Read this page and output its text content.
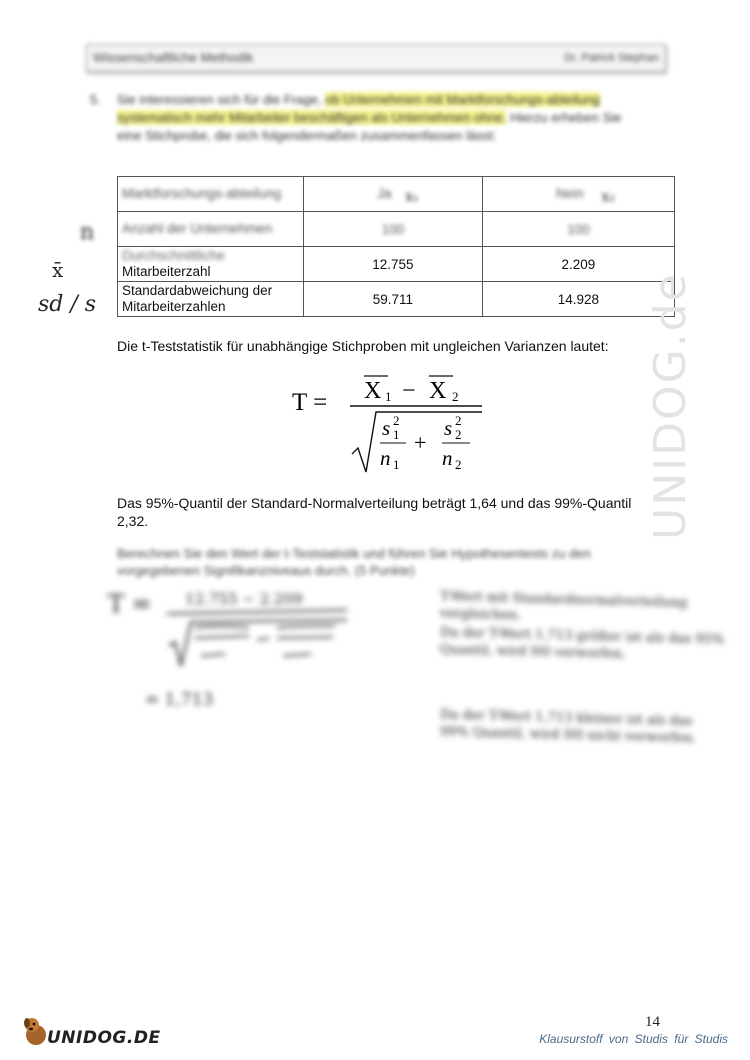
Wissenschaftliche Methodik	Dr. Patrick Stephan
5. Sie interessieren sich für die Frage, ob Unternehmen mit Marktforschungs-abteilung systematisch mehr Mitarbeiter beschäftigen als Unternehmen ohne. Hierzu erheben Sie eine Stichprobe, die sich folgendermaßen zusammenfassen lässt:
Marktforschungs-abteilung	Ja x₁	Nein x₂
Anzahl der Unternehmen	100	100

Durchschnittliche
Mitarbeiterzahl	12.755	2.209
Standardabweichung der Mitarbeiterzahlen	59.711	14.928
n
x̄
sd / s
Die t-Teststatistik für unabhängige Stichproben mit ungleichen Varianzen lautet:
T = X 1 − X 2
s 2
1
n 1
+
s 2
2
n 2
Das 95%-Quantil der Standard-Normalverteilung beträgt 1,64 und das 99%-Quantil 2,32.
Berechnen Sie den Wert der t-Teststatistik und führen Sie Hypothesentests zu den vorgegebenen Signifikanzniveaus durch. (5 Punkte)
T = 12.755 − 2.209
= 1,713
T-Wert mit Standardnormalverteilung vergleichen.
Da der T-Wert 1,713 größer ist als das 95% Quantil, wird H0 verworfen.
Da der T-Wert 1,713 kleiner ist als das 99% Quantil, wird H0 nicht verworfen.
UNIDOG.de
14
UNIDOG.DE	Klausurstoff von Studis für Studis
